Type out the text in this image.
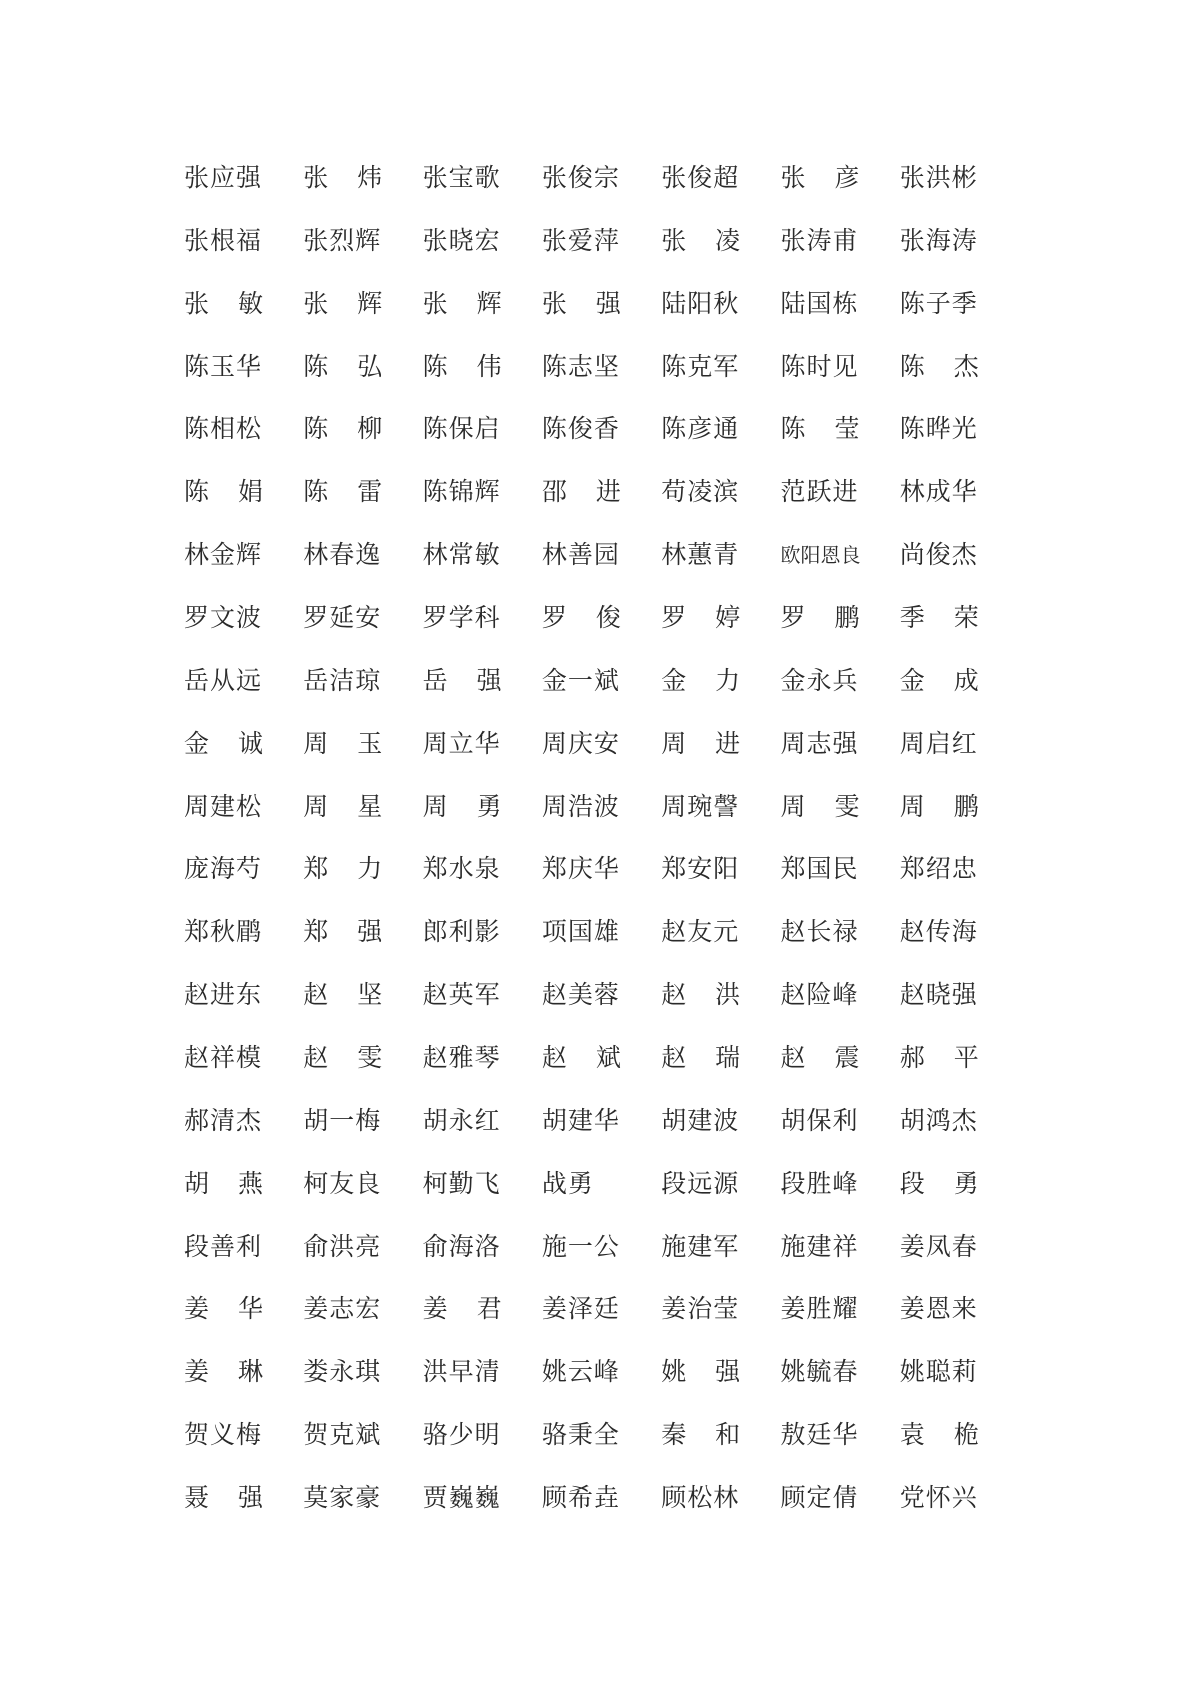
张应强 张 炜 张宝歌 张俊宗 张俊超 张 彦 张洪彬
张根福 张烈辉 张晓宏 张爱萍 张 凌 张涛甫 张海涛
张 敏 张 辉 张 辉 张 强 陆阳秋 陆国栋 陈子季
陈玉华 陈 弘 陈 伟 陈志坚 陈克军 陈时见 陈 杰
陈相松 陈 柳 陈保启 陈俊香 陈彦通 陈 莹 陈晔光
陈 娟 陈 雷 陈锦辉 邵 进 苟凌滨 范跃进 林成华
林金辉 林春逸 林常敏 林善园 林蕙青 欧阳恩良 尚俊杰
罗文波 罗延安 罗学科 罗 俊 罗 婷 罗 鹏 季 荣
岳从远 岳洁琼 岳 强 金一斌 金 力 金永兵 金 成
金 诚 周 玉 周立华 周庆安 周 进 周志强 周启红
周建松 周 星 周 勇 周浩波 周琬謦 周 雯 周 鹏
庞海芍 郑 力 郑水泉 郑庆华 郑安阳 郑国民 郑绍忠
郑秋鹛 郑 强 郎利影 项国雄 赵友元 赵长禄 赵传海
赵进东 赵 坚 赵英军 赵美蓉 赵 洪 赵险峰 赵晓强
赵祥模 赵 雯 赵雅琴 赵 斌 赵 瑞 赵 震 郝 平
郝清杰 胡一梅 胡永红 胡建华 胡建波 胡保利 胡鸿杰
胡 燕 柯友良 柯勤飞 战勇	段远源 段胜峰 段 勇
段善利 俞洪亮 俞海洛 施一公 施建军 施建祥 姜凤春
姜 华 姜志宏 姜 君 姜泽廷 姜治莹 姜胜耀 姜恩来
姜 琳 娄永琪 洪早清 姚云峰 姚 强 姚毓春 姚聪莉
贺义梅 贺克斌 骆少明 骆秉全 秦 和 敖廷华 袁 桅
聂 强 莫家豪 贾巍巍 顾希垚 顾松林 顾定倩 党怀兴
